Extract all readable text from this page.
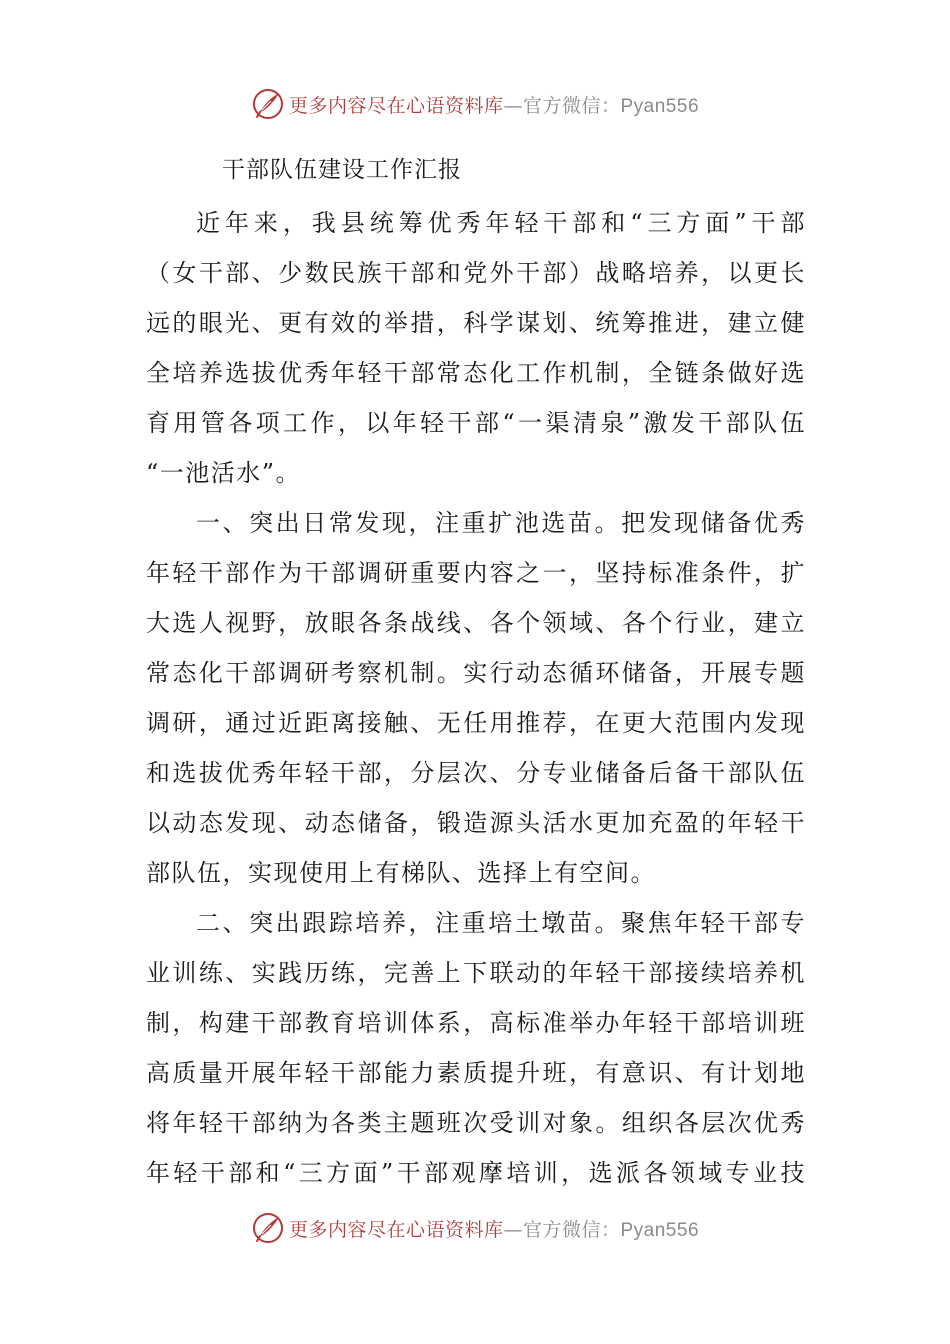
更多内容尽在心语资料库—官方微信：Pyan556
干部队伍建设工作汇报
近年来，我县统筹优秀年轻干部和“三方面”干部
（女干部、少数民族干部和党外干部）战略培养，以更长
远的眼光、更有效的举措，科学谋划、统筹推进，建立健
全培养选拔优秀年轻干部常态化工作机制，全链条做好选
育用管各项工作，以年轻干部“一渠清泉”激发干部队伍
“一池活水”。
一、突出日常发现，注重扩池选苗。把发现储备优秀
年轻干部作为干部调研重要内容之一，坚持标准条件，扩
大选人视野，放眼各条战线、各个领域、各个行业，建立
常态化干部调研考察机制。实行动态循环储备，开展专题
调研，通过近距离接触、无任用推荐，在更大范围内发现
和选拔优秀年轻干部，分层次、分专业储备后备干部队伍
以动态发现、动态储备，锻造源头活水更加充盈的年轻干
部队伍，实现使用上有梯队、选择上有空间。
二、突出跟踪培养，注重培土墩苗。聚焦年轻干部专
业训练、实践历练，完善上下联动的年轻干部接续培养机
制，构建干部教育培训体系，高标准举办年轻干部培训班
高质量开展年轻干部能力素质提升班，有意识、有计划地
将年轻干部纳为各类主题班次受训对象。组织各层次优秀
年轻干部和“三方面”干部观摩培训，选派各领域专业技
更多内容尽在心语资料库—官方微信：Pyan556
